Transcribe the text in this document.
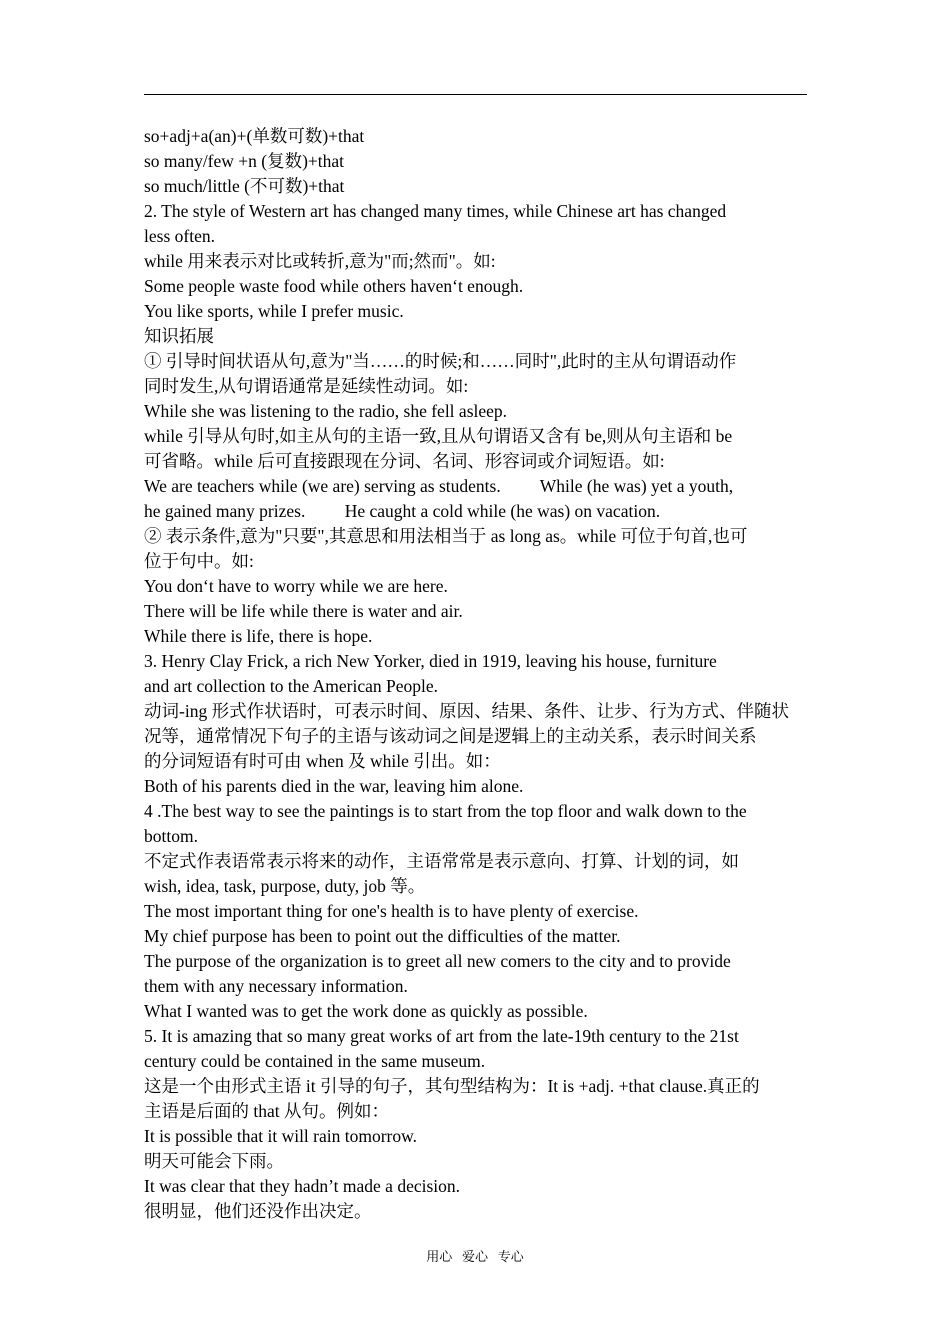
so+adj+a(an)+(单数可数)+that
so many/few +n (复数)+that
so much/little (不可数)+that
2. The style of Western art has changed many times, while Chinese art has changed
less often.
while 用来表示对比或转折,意为"而;然而"。如:
Some people waste food while others haven‘t enough.
You like sports, while I prefer music.
知识拓展
① 引导时间状语从句,意为"当……的时候;和……同时",此时的主从句谓语动作
同时发生,从句谓语通常是延续性动词。如:
While she was listening to the radio, she fell asleep.
while 引导从句时,如主从句的主语一致,且从句谓语又含有 be,则从句主语和 be
可省略。while 后可直接跟现在分词、名词、形容词或介词短语。如:
We are teachers while (we are) serving as students.         While (he was) yet a youth,
he gained many prizes.         He caught a cold while (he was) on vacation.
② 表示条件,意为"只要",其意思和用法相当于 as long as。while 可位于句首,也可
位于句中。如:
You don‘t have to worry while we are here.
There will be life while there is water and air.
While there is life, there is hope.
3. Henry Clay Frick, a rich New Yorker, died in 1919, leaving his house, furniture
and art collection to the American People.
动词-ing 形式作状语时，可表示时间、原因、结果、条件、让步、行为方式、伴随状
况等，通常情况下句子的主语与该动词之间是逻辑上的主动关系，表示时间关系
的分词短语有时可由 when 及 while 引出。如：
Both of his parents died in the war, leaving him alone.
4 .The best way to see the paintings is to start from the top floor and walk down to the
bottom.
不定式作表语常表示将来的动作，主语常常是表示意向、打算、计划的词，如
wish, idea, task, purpose, duty, job 等。
The most important thing for one's health is to have plenty of exercise.
My chief purpose has been to point out the difficulties of the matter.
The purpose of the organization is to greet all new comers to the city and to provide
them with any necessary information.
What I wanted was to get the work done as quickly as possible.
5. It is amazing that so many great works of art from the late-19th century to the 21st
century could be contained in the same museum.
这是一个由形式主语 it 引导的句子，其句型结构为：It is +adj. +that clause.真正的
主语是后面的 that 从句。例如：
It is possible that it will rain tomorrow.
明天可能会下雨。
It was clear that they hadn’t made a decision.
很明显，他们还没作出决定。
用心   爱心   专心
